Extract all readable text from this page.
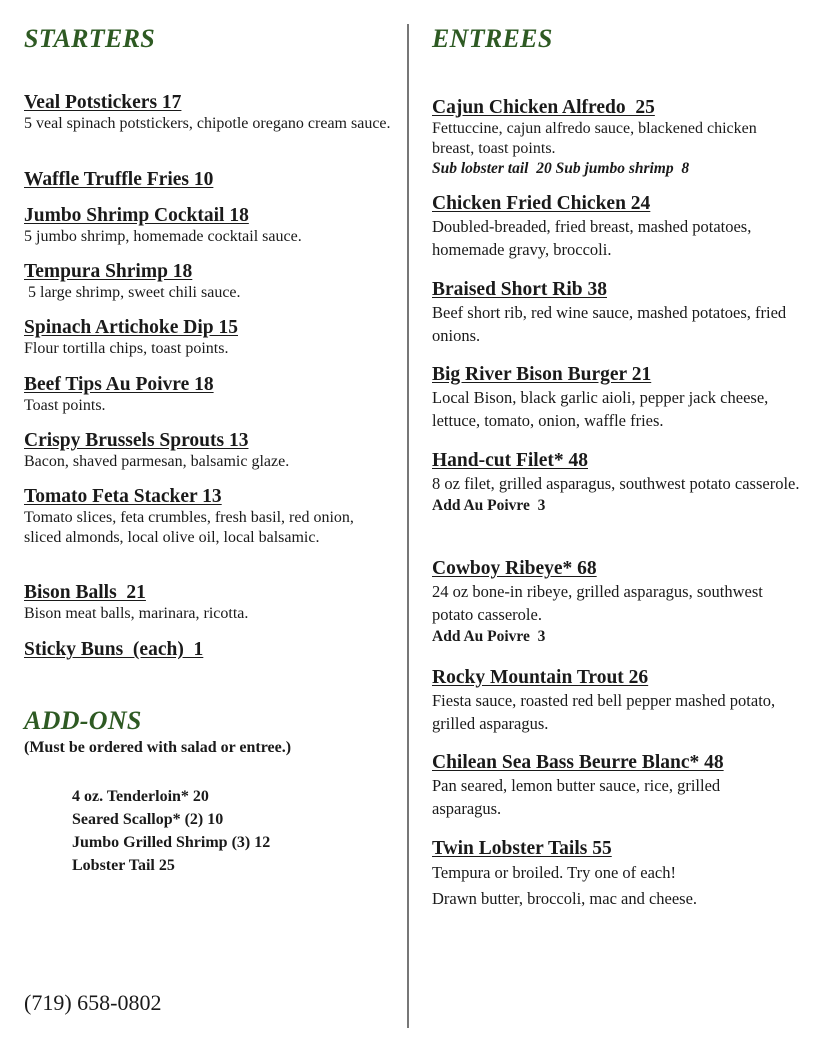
STARTERS
Veal Potstickers 17
5 veal spinach potstickers, chipotle oregano cream sauce.
Waffle Truffle Fries 10
Jumbo Shrimp Cocktail 18
5 jumbo shrimp, homemade cocktail sauce.
Tempura Shrimp 18
5 large shrimp, sweet chili sauce.
Spinach Artichoke Dip 15
Flour tortilla chips, toast points.
Beef Tips Au Poivre 18
Toast points.
Crispy Brussels Sprouts 13
Bacon, shaved parmesan, balsamic glaze.
Tomato Feta Stacker 13
Tomato slices, feta crumbles, fresh basil, red onion, sliced almonds, local olive oil, local balsamic.
Bison Balls  21
Bison meat balls, marinara, ricotta.
Sticky Buns  (each)  1
ADD-ONS
(Must be ordered with salad or entree.)
4 oz. Tenderloin* 20
Seared Scallop* (2) 10
Jumbo Grilled Shrimp (3) 12
Lobster Tail 25
(719) 658-0802
ENTREES
Cajun Chicken Alfredo  25
Fettuccine, cajun alfredo sauce, blackened chicken breast, toast points.
Sub lobster tail  20 Sub jumbo shrimp  8
Chicken Fried Chicken 24
Doubled-breaded, fried breast, mashed potatoes, homemade gravy, broccoli.
Braised Short Rib 38
Beef short rib, red wine sauce, mashed potatoes, fried onions.
Big River Bison Burger 21
Local Bison, black garlic aioli, pepper jack cheese, lettuce, tomato, onion, waffle fries.
Hand-cut Filet* 48
8 oz filet, grilled asparagus, southwest potato casserole.
Add Au Poivre  3
Cowboy Ribeye* 68
24 oz bone-in ribeye, grilled asparagus, southwest potato casserole.
Add Au Poivre  3
Rocky Mountain Trout 26
Fiesta sauce, roasted red bell pepper mashed potato, grilled asparagus.
Chilean Sea Bass Beurre Blanc* 48
Pan seared, lemon butter sauce, rice, grilled asparagus.
Twin Lobster Tails 55
Tempura or broiled. Try one of each!
Drawn butter, broccoli, mac and cheese.
